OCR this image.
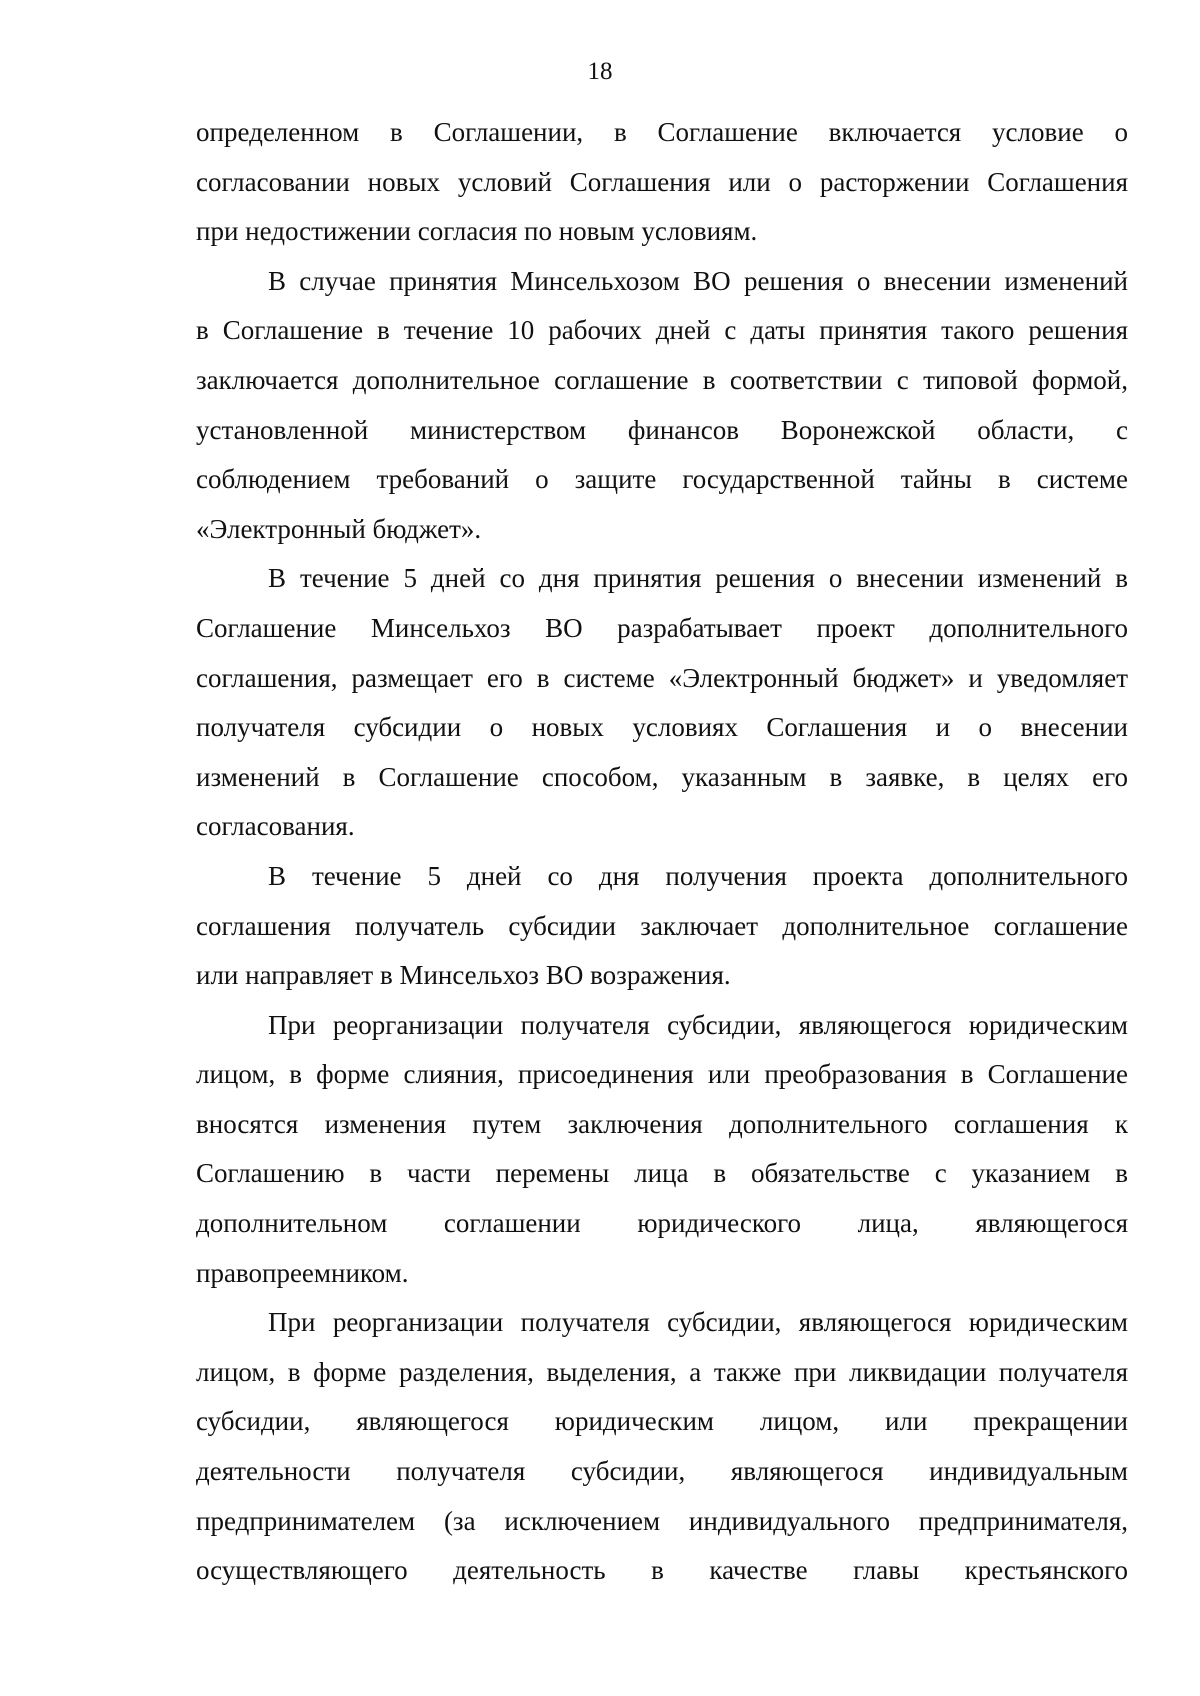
18
определенном в Соглашении, в Соглашение включается условие о
согласовании новых условий Соглашения или о расторжении Соглашения
при недостижении согласия по новым условиям.
В случае принятия Минсельхозом ВО решения о внесении изменений
в Соглашение в течение 10 рабочих дней с даты принятия такого решения
заключается дополнительное соглашение в соответствии с типовой формой,
установленной министерством финансов Воронежской области, с
соблюдением требований о защите государственной тайны в системе
«Электронный бюджет».
В течение 5 дней со дня принятия решения о внесении изменений в
Соглашение Минсельхоз ВО разрабатывает проект дополнительного
соглашения, размещает его в системе «Электронный бюджет» и уведомляет
получателя субсидии о новых условиях Соглашения и о внесении
изменений в Соглашение способом, указанным в заявке, в целях его
согласования.
В течение 5 дней со дня получения проекта дополнительного
соглашения получатель субсидии заключает дополнительное соглашение
или направляет в Минсельхоз ВО возражения.
При реорганизации получателя субсидии, являющегося юридическим
лицом, в форме слияния, присоединения или преобразования в Соглашение
вносятся изменения путем заключения дополнительного соглашения к
Соглашению в части перемены лица в обязательстве с указанием в
дополнительном соглашении юридического лица, являющегося
правопреемником.
При реорганизации получателя субсидии, являющегося юридическим
лицом, в форме разделения, выделения, а также при ликвидации получателя
субсидии, являющегося юридическим лицом, или прекращении
деятельности получателя субсидии, являющегося индивидуальным
предпринимателем (за исключением индивидуального предпринимателя,
осуществляющего деятельность в качестве главы крестьянского
